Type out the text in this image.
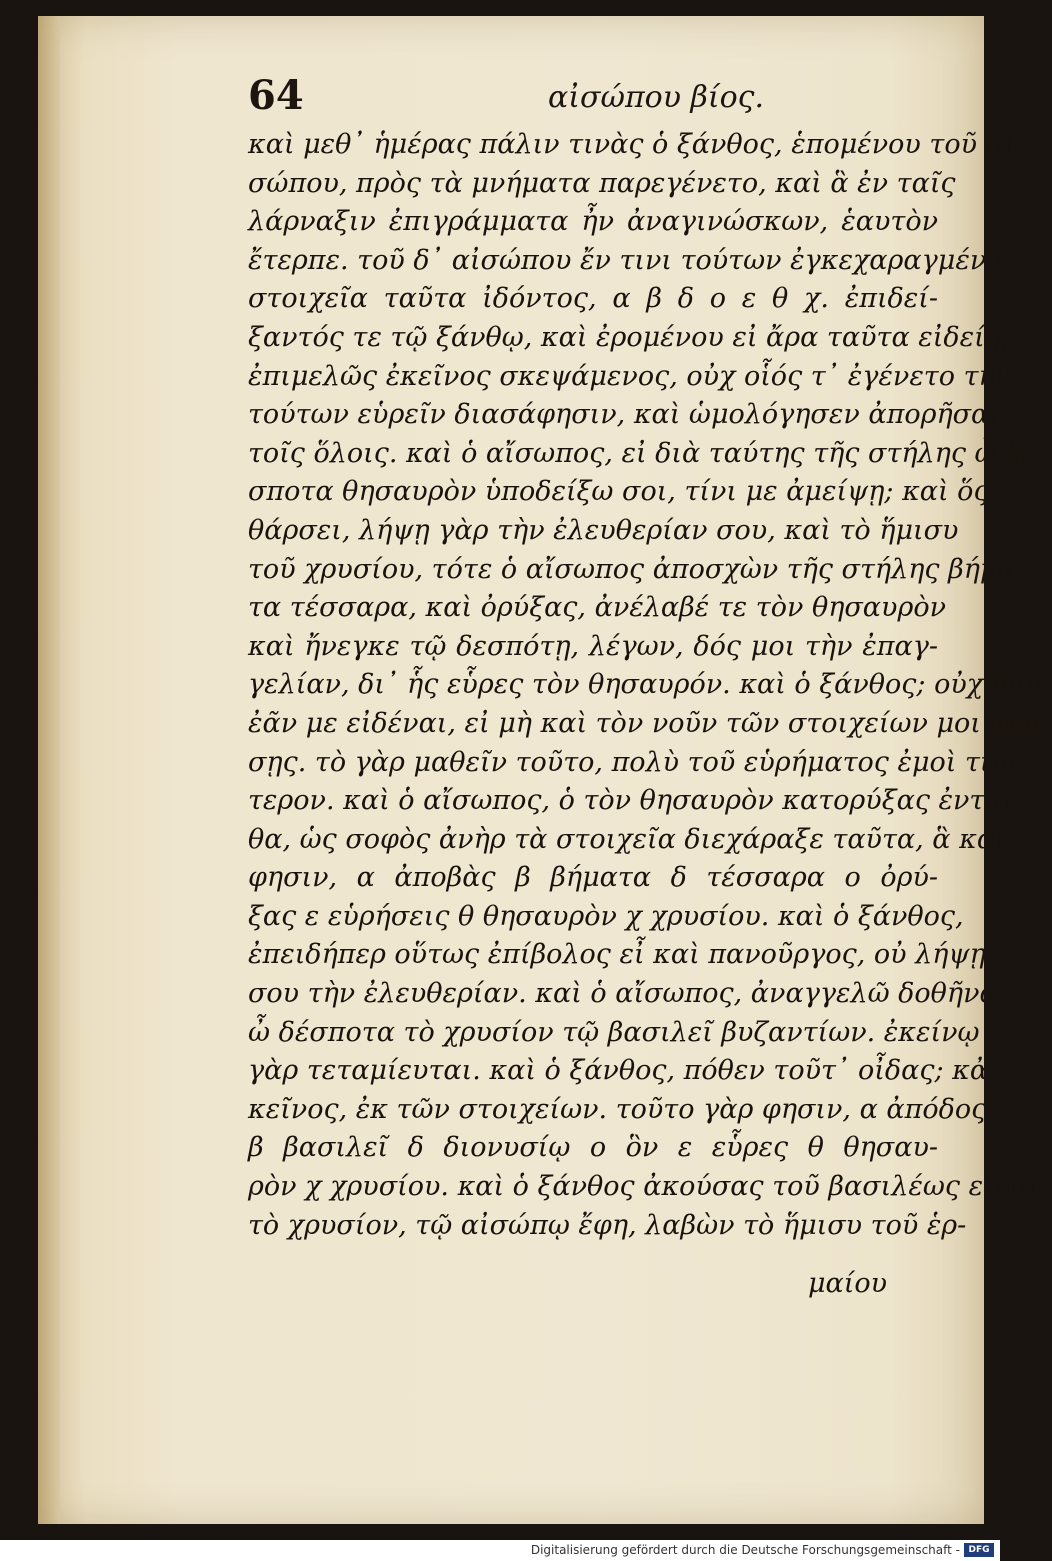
64	αἰσώπου βίος.
καὶ μεθ᾽ ἡμέρας πάλιν τινὰς ὁ ξάνθος, ἑπομένου τοῦ αἰ-
σώπου, πρὸς τὰ μνήματα παρεγένετο, καὶ ἃ ἐν ταῖς
λάρναξιν ἐπιγράμματα ἦν ἀναγινώσκων, ἑαυτὸν
ἔτερπε. τοῦ δ᾽ αἰσώπου ἔν τινι τούτων ἐγκεχαραγμένα
στοιχεῖα ταῦτα ἰδόντος, α β δ ο ε θ χ. ἐπιδεί-
ξαντός τε τῷ ξάνθῳ, καὶ ἐρομένου εἰ ἄρα ταῦτα εἰδείη,
ἐπιμελῶς ἐκεῖνος σκεψάμενος, οὐχ οἷός τ᾽ ἐγένετο τὴν
τούτων εὑρεῖν διασάφησιν, καὶ ὡμολόγησεν ἀπορῆσαι
τοῖς ὅλοις. καὶ ὁ αἴσωπος, εἰ διὰ ταύτης τῆς στήλης ὦ δέ-
σποτα θησαυρὸν ὑποδείξω σοι, τίνι με ἀμείψῃ; καὶ ὅς,
θάρσει, λήψῃ γὰρ τὴν ἐλευθερίαν σου, καὶ τὸ ἥμισυ
τοῦ χρυσίου, τότε ὁ αἴσωπος ἀποσχὼν τῆς στήλης βήμα-
τα τέσσαρα, καὶ ὀρύξας, ἀνέλαβέ τε τὸν θησαυρὸν
καὶ ἤνεγκε τῷ δεσπότῃ, λέγων, δός μοι τὴν ἐπαγ-
γελίαν, δι᾽ ἧς εὗρες τὸν θησαυρόν. καὶ ὁ ξάνθος; οὐχ ὅσα
ἐᾶν με εἰδέναι, εἰ μὴ καὶ τὸν νοῦν τῶν στοιχείων μοι φρά-
σῃς. τὸ γὰρ μαθεῖν τοῦτο, πολὺ τοῦ εὑρήματος ἐμοὶ τιμιώ-
τερον. καὶ ὁ αἴσωπος, ὁ τὸν θησαυρὸν κατορύξας ἐνταῦ-
θα, ὡς σοφὸς ἀνὴρ τὰ στοιχεῖα διεχάραξε ταῦτα, ἃ καί
φησιν, α ἀποβὰς β βήματα δ τέσσαρα ο ὀρύ-
ξας ε εὑρήσεις θ θησαυρὸν χ χρυσίου. καὶ ὁ ξάνθος,
ἐπειδήπερ οὕτως ἐπίβολος εἶ καὶ πανοῦργος, οὐ λήψῃ
σου τὴν ἐλευθερίαν. καὶ ὁ αἴσωπος, ἀναγγελῶ δοθῆναι
ὦ δέσποτα τὸ χρυσίον τῷ βασιλεῖ βυζαντίων. ἐκείνῳ
γὰρ τεταμίευται. καὶ ὁ ξάνθος, πόθεν τοῦτ᾽ οἶδας; κἀ-
κεῖνος, ἐκ τῶν στοιχείων. τοῦτο γὰρ φησιν, α ἀπόδος
β βασιλεῖ δ διονυσίῳ ο ὃν ε εὗρες θ θησαυ-
ρὸν χ χρυσίου. καὶ ὁ ξάνθος ἀκούσας τοῦ βασιλέως εἶναι
τὸ χρυσίον, τῷ αἰσώπῳ ἔφη, λαβὼν τὸ ἥμισυ τοῦ ἑρ-
μαίου
Digitalisierung gefördert durch die Deutsche Forschungsgemeinschaft - DFG
